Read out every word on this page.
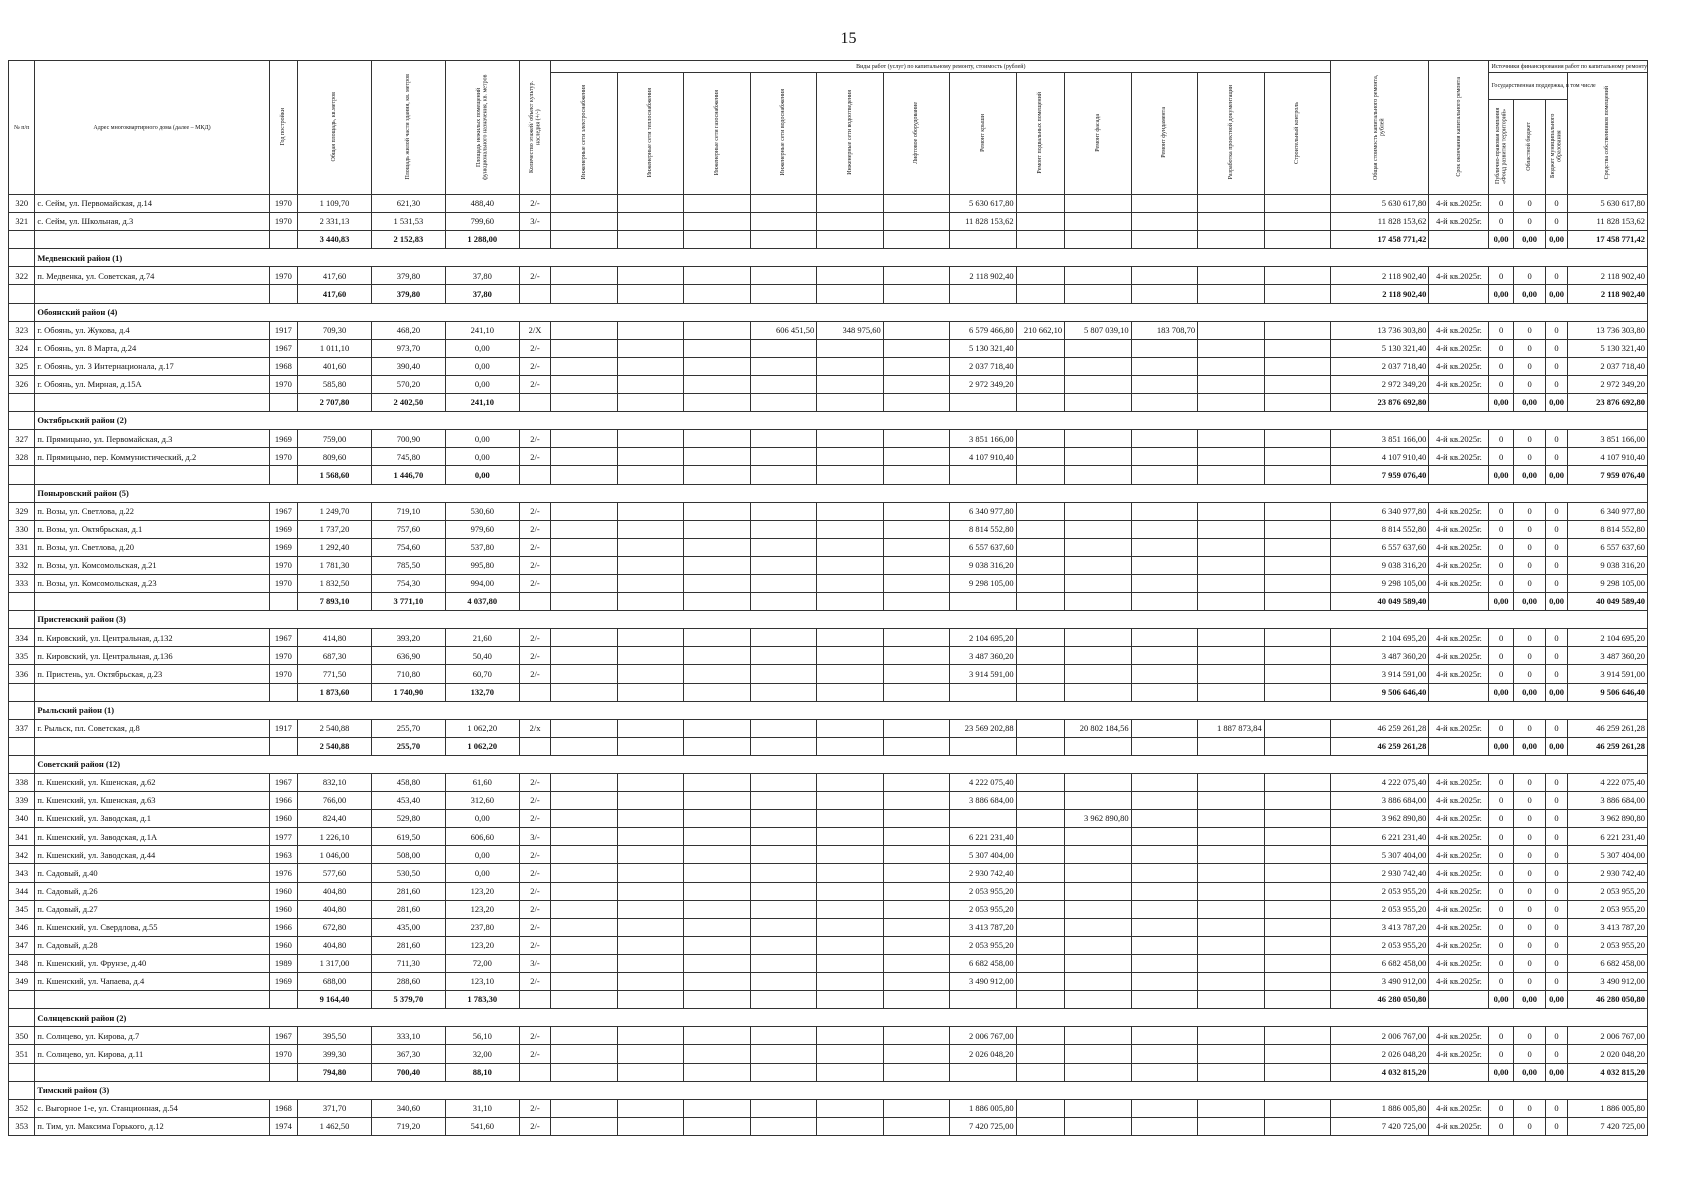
15
№ п/п	Адрес многоквартирного дома (далее – МКД)	Год постройки	Общая площадь, кв.метров	Площадь жилой части здания, кв. метров	Площадь нежилых помещений функционального назначения, кв. метров	Количество этажей/ объект культур. наследия (+/-)	Виды работ (услуг) по капитальному ремонту, стоимость (рублей)												Общая стоимость капитального ремонта, рублей	Срок окончания капитального ремонта	Источники финансирования работ по капитальному ремонту			
							Инженерные сети электроснабжения	Инженерные сети теплоснабжения	Инженерные сети газоснабжения	Инженерные сети водоснабжения	Инженерные сети водоотведения	Лифтовое оборудование	Ремонт крыши	Ремонт подвальных помещений	Ремонт фасада	Ремонт фундамента	Разработка проектной документации	Строительный контроль			Государственная поддержка, в том числе			Средства собственников помещений
																					Публично-правовая компания «Фонд развития территорий»	Областной бюджет	Бюджет муниципального образования	
320	с. Сейм, ул. Первомайская, д.14	1970	1 109,70	621,30	488,40	2/-							5 630 617,80						5 630 617,80	4-й кв.2025г.	0	0	0	5 630 617,80
321	с. Сейм, ул. Школьная, д.3	1970	2 331,13	1 531,53	799,60	3/-							11 828 153,62						11 828 153,62	4-й кв.2025г.	0	0	0	11 828 153,62
			3 440,83	2 152,83	1 288,00														17 458 771,42		0,00	0,00	0,00	17 458 771,42
	Медвенский район (1)																							
322	п. Медвенка, ул. Советская, д.74	1970	417,60	379,80	37,80	2/-							2 118 902,40						2 118 902,40	4-й кв.2025г.	0	0	0	2 118 902,40
			417,60	379,80	37,80														2 118 902,40		0,00	0,00	0,00	2 118 902,40
	Обоянский район (4)																							
323	г. Обоянь, ул. Жукова, д.4	1917	709,30	468,20	241,10	2/Х				606 451,50	348 975,60		6 579 466,80	210 662,10	5 807 039,10	183 708,70			13 736 303,80	4-й кв.2025г.	0	0	0	13 736 303,80
324	г. Обоянь, ул. 8 Марта, д.24	1967	1 011,10	973,70	0,00	2/-							5 130 321,40						5 130 321,40	4-й кв.2025г.	0	0	0	5 130 321,40
325	г. Обоянь, ул. 3 Интернационала, д.17	1968	401,60	390,40	0,00	2/-							2 037 718,40						2 037 718,40	4-й кв.2025г.	0	0	0	2 037 718,40
326	г. Обоянь, ул. Мирная, д.15А	1970	585,80	570,20	0,00	2/-							2 972 349,20						2 972 349,20	4-й кв.2025г.	0	0	0	2 972 349,20
			2 707,80	2 402,50	241,10														23 876 692,80		0,00	0,00	0,00	23 876 692,80
	Октябрьский район (2)																							
327	п. Прямицыно, ул. Первомайская, д.3	1969	759,00	700,90	0,00	2/-							3 851 166,00						3 851 166,00	4-й кв.2025г.	0	0	0	3 851 166,00
328	п. Прямицыно, пер. Коммунистический, д.2	1970	809,60	745,80	0,00	2/-							4 107 910,40						4 107 910,40	4-й кв.2025г.	0	0	0	4 107 910,40
			1 568,60	1 446,70	0,00														7 959 076,40		0,00	0,00	0,00	7 959 076,40
	Поныровский район (5)																							
329	п. Возы, ул. Светлова, д.22	1967	1 249,70	719,10	530,60	2/-							6 340 977,80						6 340 977,80	4-й кв.2025г.	0	0	0	6 340 977,80
330	п. Возы, ул. Октябрьская, д.1	1969	1 737,20	757,60	979,60	2/-							8 814 552,80						8 814 552,80	4-й кв.2025г.	0	0	0	8 814 552,80
331	п. Возы, ул. Светлова, д.20	1969	1 292,40	754,60	537,80	2/-							6 557 637,60						6 557 637,60	4-й кв.2025г.	0	0	0	6 557 637,60
332	п. Возы, ул. Комсомольская, д.21	1970	1 781,30	785,50	995,80	2/-							9 038 316,20						9 038 316,20	4-й кв.2025г.	0	0	0	9 038 316,20
333	п. Возы, ул. Комсомольская, д.23	1970	1 832,50	754,30	994,00	2/-							9 298 105,00						9 298 105,00	4-й кв.2025г.	0	0	0	9 298 105,00
			7 893,10	3 771,10	4 037,80														40 049 589,40		0,00	0,00	0,00	40 049 589,40
	Пристенский район (3)																							
334	п. Кировский, ул. Центральная, д.132	1967	414,80	393,20	21,60	2/-							2 104 695,20						2 104 695,20	4-й кв.2025г.	0	0	0	2 104 695,20
335	п. Кировский, ул. Центральная, д.136	1970	687,30	636,90	50,40	2/-							3 487 360,20						3 487 360,20	4-й кв.2025г.	0	0	0	3 487 360,20
336	п. Пристень, ул. Октябрьская, д.23	1970	771,50	710,80	60,70	2/-							3 914 591,00						3 914 591,00	4-й кв.2025г.	0	0	0	3 914 591,00
			1 873,60	1 740,90	132,70														9 506 646,40		0,00	0,00	0,00	9 506 646,40
	Рыльский район (1)																							
337	г. Рыльск, пл. Советская, д.8	1917	2 540,88	255,70	1 062,20	2/х							23 569 202,88		20 802 184,56		1 887 873,84		46 259 261,28	4-й кв.2025г.	0	0	0	46 259 261,28
			2 540,88	255,70	1 062,20														46 259 261,28		0,00	0,00	0,00	46 259 261,28
	Советский район (12)																							
338	п. Кшенский, ул. Кшенская, д.62	1967	832,10	458,80	61,60	2/-							4 222 075,40						4 222 075,40	4-й кв.2025г.	0	0	0	4 222 075,40
339	п. Кшенский, ул. Кшенская, д.63	1966	766,00	453,40	312,60	2/-							3 886 684,00						3 886 684,00	4-й кв.2025г.	0	0	0	3 886 684,00
340	п. Кшенский, ул. Заводская, д.1	1960	824,40	529,80	0,00	2/-									3 962 890,80				3 962 890,80	4-й кв.2025г.	0	0	0	3 962 890,80
341	п. Кшенский, ул. Заводская, д.1А	1977	1 226,10	619,50	606,60	3/-							6 221 231,40						6 221 231,40	4-й кв.2025г.	0	0	0	6 221 231,40
342	п. Кшенский, ул. Заводская, д.44	1963	1 046,00	508,00	0,00	2/-							5 307 404,00						5 307 404,00	4-й кв.2025г.	0	0	0	5 307 404,00
343	п. Садовый, д.40	1976	577,60	530,50	0,00	2/-							2 930 742,40						2 930 742,40	4-й кв.2025г.	0	0	0	2 930 742,40
344	п. Садовый, д.26	1960	404,80	281,60	123,20	2/-							2 053 955,20						2 053 955,20	4-й кв.2025г.	0	0	0	2 053 955,20
345	п. Садовый, д.27	1960	404,80	281,60	123,20	2/-							2 053 955,20						2 053 955,20	4-й кв.2025г.	0	0	0	2 053 955,20
346	п. Кшенский, ул. Свердлова, д.55	1966	672,80	435,00	237,80	2/-							3 413 787,20						3 413 787,20	4-й кв.2025г.	0	0	0	3 413 787,20
347	п. Садовый, д.28	1960	404,80	281,60	123,20	2/-							2 053 955,20						2 053 955,20	4-й кв.2025г.	0	0	0	2 053 955,20
348	п. Кшенский, ул. Фрунзе, д.40	1989	1 317,00	711,30	72,00	3/-							6 682 458,00						6 682 458,00	4-й кв.2025г.	0	0	0	6 682 458,00
349	п. Кшенский, ул. Чапаева, д.4	1969	688,00	288,60	123,10	2/-							3 490 912,00						3 490 912,00	4-й кв.2025г.	0	0	0	3 490 912,00
			9 164,40	5 379,70	1 783,30														46 280 050,80		0,00	0,00	0,00	46 280 050,80
	Солнцевский район (2)																							
350	п. Солнцево, ул. Кирова, д.7	1967	395,50	333,10	56,10	2/-							2 006 767,00						2 006 767,00	4-й кв.2025г.	0	0	0	2 006 767,00
351	п. Солнцево, ул. Кирова, д.11	1970	399,30	367,30	32,00	2/-							2 026 048,20						2 026 048,20	4-й кв.2025г.	0	0	0	2 020 048,20
			794,80	700,40	88,10														4 032 815,20		0,00	0,00	0,00	4 032 815,20
	Тимский район (3)																							
352	с. Выгорное 1-е, ул. Станционная, д.54	1968	371,70	340,60	31,10	2/-							1 886 005,80						1 886 005,80	4-й кв.2025г.	0	0	0	1 886 005,80
353	п. Тим, ул. Максима Горького, д.12	1974	1 462,50	719,20	541,60	2/-							7 420 725,00						7 420 725,00	4-й кв.2025г.	0	0	0	7 420 725,00
